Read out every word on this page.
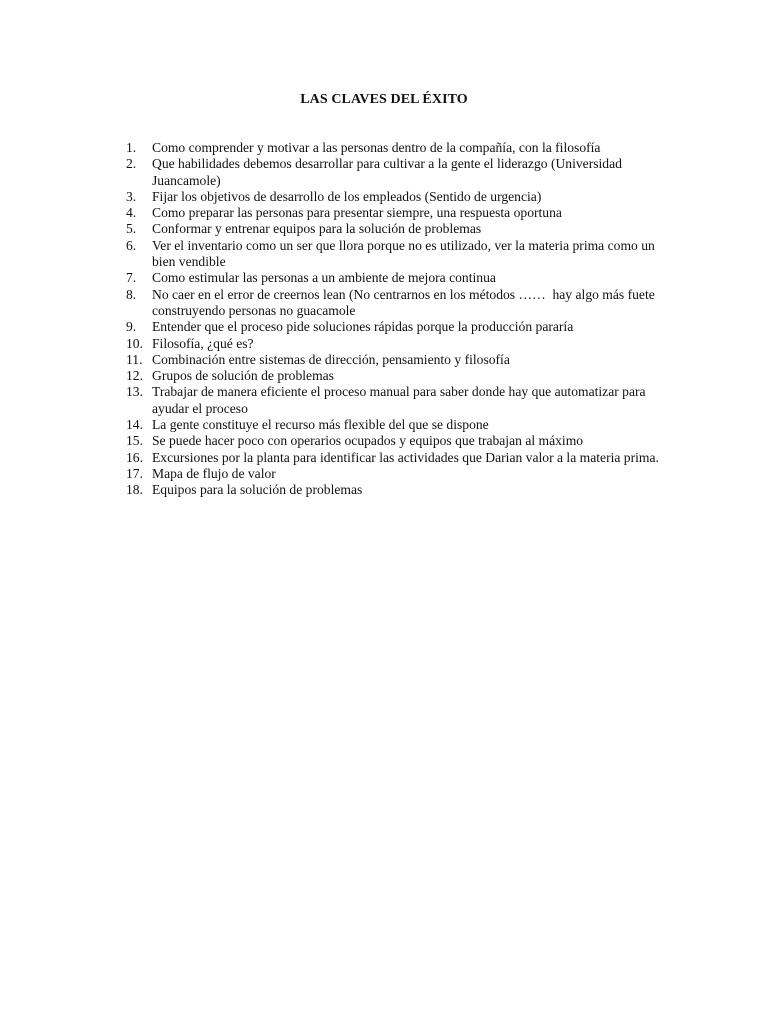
LAS CLAVES DEL ÉXITO
1.	Como comprender y motivar a las personas dentro de la compañía, con la filosofía
2.	Que habilidades debemos desarrollar para cultivar a la gente el liderazgo (Universidad Juancamole)
3.	Fijar los objetivos de desarrollo de los empleados (Sentido de urgencia)
4.	Como preparar las personas para presentar siempre, una respuesta oportuna
5.	Conformar y entrenar equipos para la solución de problemas
6.	Ver el inventario como un ser que llora porque no es utilizado, ver la materia prima como un bien vendible
7.	Como estimular las personas a un ambiente de mejora continua
8.	No caer en el error de creernos lean (No centrarnos en los métodos ……  hay algo más fuete construyendo personas no guacamole
9.	Entender que el proceso pide soluciones rápidas porque la producción pararía
10. Filosofía, ¿qué es?
11. Combinación entre sistemas de dirección, pensamiento y filosofía
12. Grupos de solución de problemas
13. Trabajar de manera eficiente el proceso manual para saber donde hay que automatizar para ayudar el proceso
14. La gente constituye el recurso más flexible del que se dispone
15. Se puede hacer poco con operarios ocupados y equipos que trabajan al máximo
16. Excursiones por la planta para identificar las actividades que Darian valor a la materia prima.
17. Mapa de flujo de valor
18. Equipos para la solución de problemas
